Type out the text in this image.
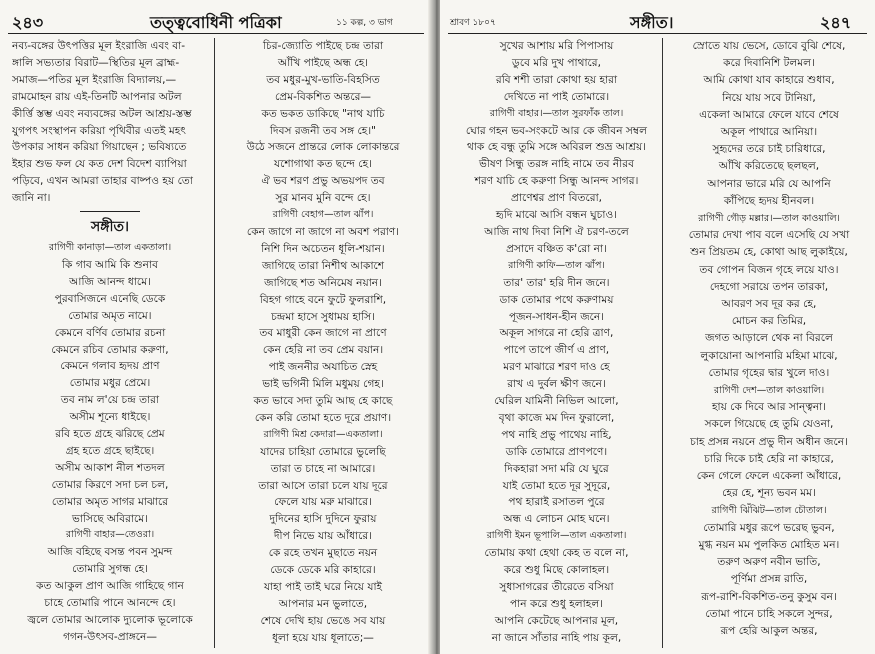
২৪৩	তত্ত্ববোধিনী পত্রিকা	১১ কল্প, ৩ ভাগ
নব্য-বঙ্গের উৎপত্তির মূল ইংরাজি এবং বা-
ঙ্গালি সভ্যতার বিরাট—স্থিতির মূল ব্রাহ্ম-
সমাজ—পতির মূল ইংরাজি বিদ্যালয়,—
রামমোহন রায় এই-তিনটি আপনার অটল
কীর্ত্তি স্তম্ভ এবং নব্যবঙ্গের অটল আশ্রয়-স্তম্ভ
যুগপৎ সংস্থাপন করিয়া পৃথিবীর এতই মহৎ
উপকার সাধন করিয়া গিয়াছেন ; ভবিষ্যতে
ইহার শুভ ফল যে কত দেশ বিদেশ ব্যাপিয়া
পড়িবে, এখন আমরা তাহার বাষ্পও হয় তো
জানি না।
সঙ্গীত।
রাগিণী কানাড়া—তাল একতালা।
কি গাব আমি কি শুনাব
আজি আনন্দ ধামে।
পুরবাসিজনে এনেছি ডেকে
তোমার অমৃত নামে।
কেমনে বর্ণিব তোমার রচনা
কেমনে রচিব তোমার করুণা,
কেমনে গলাব হৃদয় প্রাণ
তোমার মধুর প্রেমে।
তব নাম ল'য়ে চন্দ্র তারা
অসীম শূন্যে ধাইছে।
রবি হতে গ্রহে ঝরিছে প্রেম
গ্রহ হতে গ্রহে ছাইছে।
অসীম আকাশ নীল শতদল
তোমার কিরণে সদা চল চল,
তোমার অমৃত সাগর মাঝারে
ভাসিছে অবিরামে।
রাগিণী বাহার—তেওরা।
আজি বহিছে বসন্ত পবন সুমন্দ
তোমারি সুগন্ধ হে।
কত আকুল প্রাণ আজি গাহিছে গান
চাহে তোমারি পানে আনন্দে হে।
জ্বলে তোমার আলোক দ্যুলোক ভূলোকে
গগন-উৎসব-প্রাঙ্গনে—
চির-জ্যোতি পাইছে চন্দ্র তারা
আঁখি পাইছে অন্ধ হে।
তব মধুর-মুখ-ভাতি-বিহসিত
প্রেম-বিকশিত অন্তরে—
কত ভকত ডাকিছে "নাথ যাচি
দিবস রজনী তব সঙ্গ হে।"
উঠে সজনে প্রান্তরে লোক লোকান্তরে
যশোগাথা কত ছন্দে হে।
ঐ ভব শরণ প্রভু অভয়পদ তব
সুর মানব মুনি বন্দে হে।
রাগিণী বেহাগ—তাল ঝাঁপ।
কেন জাগে না জাগে না অবশ পরাণ।
নিশি দিন অচেতন ধূলি-শয়ান।
জাগিছে তারা নিশীথ আকাশে
জাগিছে শত অনিমেষ নয়ান।
বিহগ গাহে বনে ফুটে ফুলরাশি,
চন্দ্রমা হাসে সুধাময় হাসি।
তব মাধুরী কেন জাগে না প্রাণে
কেন হেরি না তব প্রেম বয়ান।
পাই জননীর অযাচিত স্নেহ
ভাই ভগিনী মিলি মধুময় গেহ।
কত ভাবে সদা তুমি আছ হে কাছে
কেন করি তোমা হতে দূরে প্রয়াণ।
রাগিণী মিশ্র কেদারা—একতালা।
যাদের চাহিয়া তোমারে ভুলেছি
তারা ত চাহে না আমারে।
তারা আসে তারা চলে যায় দূরে
ফেলে যায় মরু মাঝারে।
দুদিনের হাসি দুদিনে ফুরায়
দীপ নিভে যায় আঁধারে।
কে রহে তখন মুছাতে নয়ন
ডেকে ডেকে মরি কাহারে।
যাহা পাই তাই ঘরে নিয়ে যাই
আপনার মন ভুলাতে,
শেষে দেখি হায় ভেঙে সব যায়
ধূলা হয়ে যায় ধূলাতে;—
শ্রাবণ ১৮০৭	সঙ্গীত।	২৪৭
সুখের আশায় মরি পিপাসায়
ডুবে মরি দুখ পাথারে,
রবি শশী তারা কোথা হয় হারা
দেখিতে না পাই তোমারে।
রাগিণী বাহার।—তাল সুরফাঁক তাল।
ঘোর গহন ভব-সংকটে আর কে জীবন সম্বল
থাক হে বন্ধু তুমি সঙ্গে অবিরল শুভ্র আশ্রয়।
ভীষণ সিন্ধু তরঙ্গ নাহি নামে তব নীরব
শরণ যাচি হে করুণা সিন্ধু আনন্দ সাগর।
প্রাণেশ্বর প্রাণ বিতরো,
হৃদি মাঝে আসি বন্ধন ঘুচাও।
আজি নাথ দিবা নিশি ঐ চরণ-তলে
প্রসাদে বঞ্চিত ক'রো না।
রাগিণী কাফি—তাল ঝাঁপ।
তার' তার' হরি দীন জনে।
ডাক তোমার পথে করুণাময়
পূজন-সাধন-হীন জনে।
অকূল সাগরে না হেরি ত্রাণ,
পাপে তাপে জীর্ণ এ প্রাণ,
মরণ মাঝারে শরণ দাও হে
রাখ এ দুর্বল ক্ষীণ জনে।
ঘেরিল যামিনী নিভিল আলো,
বৃথা কাজে মম দিন ফুরালো,
পথ নাহি প্রভু পাথেয় নাহি,
ডাকি তোমারে প্রাণপণে।
দিকহারা সদা মরি যে ঘুরে
যাই তোমা হতে দূর সুদূরে,
পথ হারাই রসাতল পুরে
অন্ধ এ লোচন মোহ ঘনে।
রাগিণী ইমন ভূপালি—তাল একতালা।
তোমায় কথা হেথা কেহ ত বলে না,
করে শুধু মিছে কোলাহল।
সুধাসাগরের তীরেতে বসিয়া
পান করে শুধু হলাহল।
আপনি কেটেছে আপনার মূল,
না জানে সাঁতার নাহি পায় কূল,
স্রোতে যায় ভেসে, ডোবে বুঝি শেষে,
করে দিবানিশি টলমল।
আমি কোথা যাব কাহারে শুধাব,
নিয়ে যায় সবে টানিয়া,
একেলা আমারে ফেলে যাবে শেষে
অকূল পাথারে আনিয়া।
সুহৃদের তরে চাই চারিধারে,
আঁখি করিতেছে ছলছল,
আপনার ভারে মরি যে আপনি
কাঁপিছে হৃদয় হীনবল।
রাগিণী গৌড় মল্লার।—তাল কাওয়ালি।
তোমার দেখা পাব বলে এসেছি যে সখা
শুন প্রিয়তম হে, কোথা আছ লুকাইয়ে,
তব গোপন বিজন গৃহে লয়ে যাও।
দেহগো সরায়ে তপন তারকা,
আবরণ সব দূর কর হে,
মোচন কর তিমির,
জগত আড়ালে থেক না বিরলে
লুকায়োনা আপনারি মহিমা মাঝে,
তোমার গৃহের দ্বার খুলে দাও।
রাগিণী দেশ—তাল কাওয়ালি।
হায় কে দিবে আর সান্ত্বনা।
সকলে গিয়েছে হে তুমি যেওনা,
চাহ প্রসন্ন নয়নে প্রভু দীন অধীন জনে।
চারি দিকে চাই হেরি না কাহারে,
কেন গেলে ফেলে একেলা আঁধারে,
হের হে, শূন্য ভবন মম।
রাগিণী ঝিঁঝিট—তাল চৌতাল।
তোমারি মধুর রূপে ভরেছ ভুবন,
মুগ্ধ নয়ন মম পুলকিত মোহিত মন।
তরুণ অরুণ নবীন ভাতি,
পূর্ণিমা প্রসন্ন রাতি,
রূপ-রাশি-বিকশিত-তনু কুসুম বন।
তোমা পানে চাহি সকলে সুন্দর,
রূপ হেরি আকুল অন্তর,
